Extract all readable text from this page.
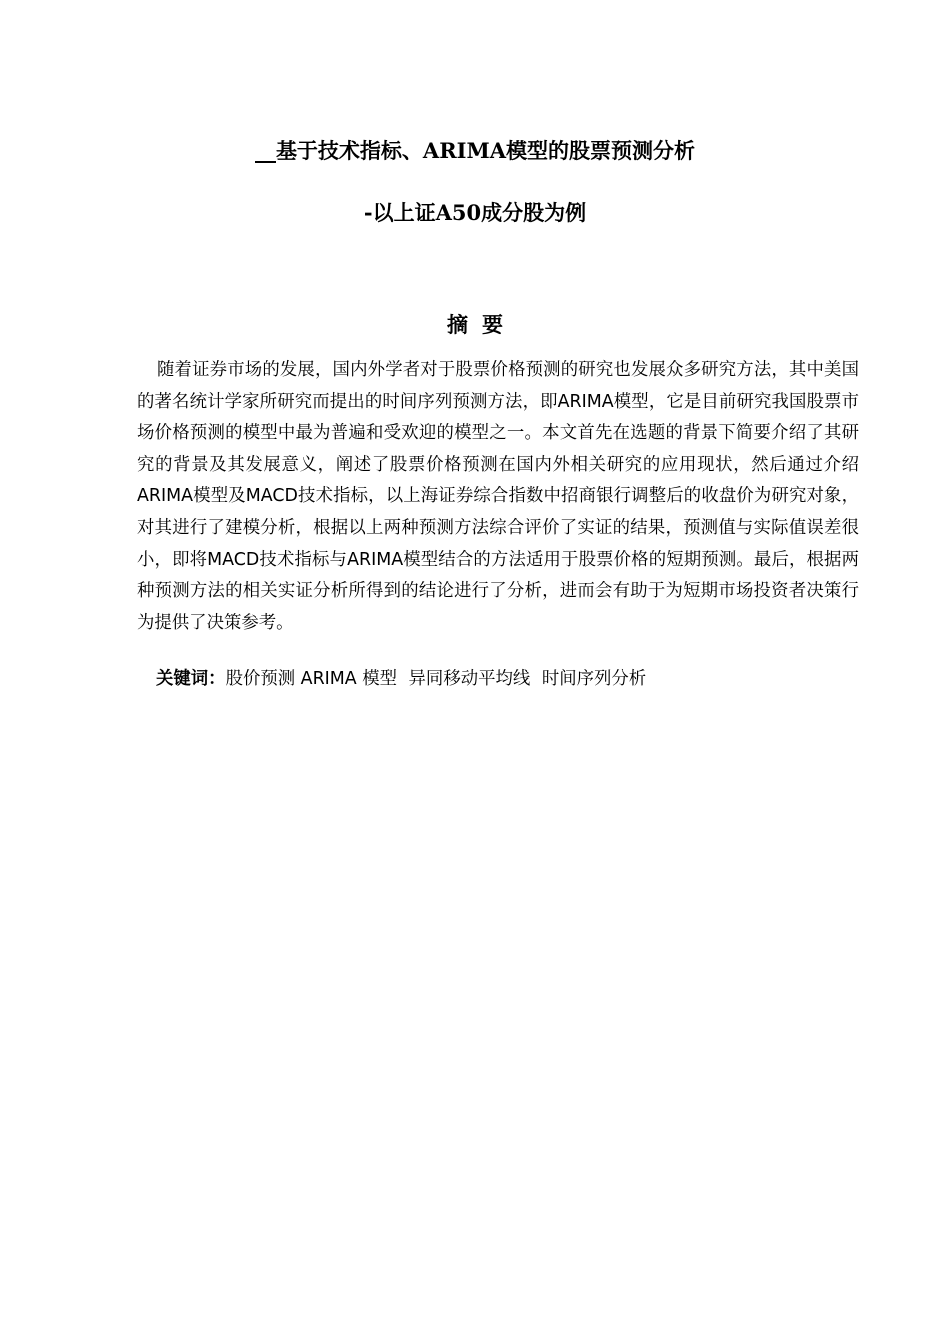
__基于技术指标、ARIMA模型的股票预测分析
-以上证A50成分股为例
摘要

随着证券市场的发展，国内外学者对于股票价格预测的研究也发展众多研究方法，其中美国的著名统计学家所研究而提出的时间序列预测方法，即ARIMA模型，它是目前研究我国股票市场价格预测的模型中最为普遍和受欢迎的模型之一。本文首先在选题的背景下简要介绍了其研究的背景及其发展意义，阐述了股票价格预测在国内外相关研究的应用现状，然后通过介绍ARIMA模型及MACD技术指标，以上海证券综合指数中招商银行调整后的收盘价为研究对象，对其进行了建模分析，根据以上两种预测方法综合评价了实证的结果，预测值与实际值误差很小，即将MACD技术指标与ARIMA模型结合的方法适用于股票价格的短期预测。最后，根据两种预测方法的相关实证分析所得到的结论进行了分析，进而会有助于为短期市场投资者决策行为提供了决策参考。

关键词：股价预测 ARIMA 模型 异同移动平均线 时间序列分析
